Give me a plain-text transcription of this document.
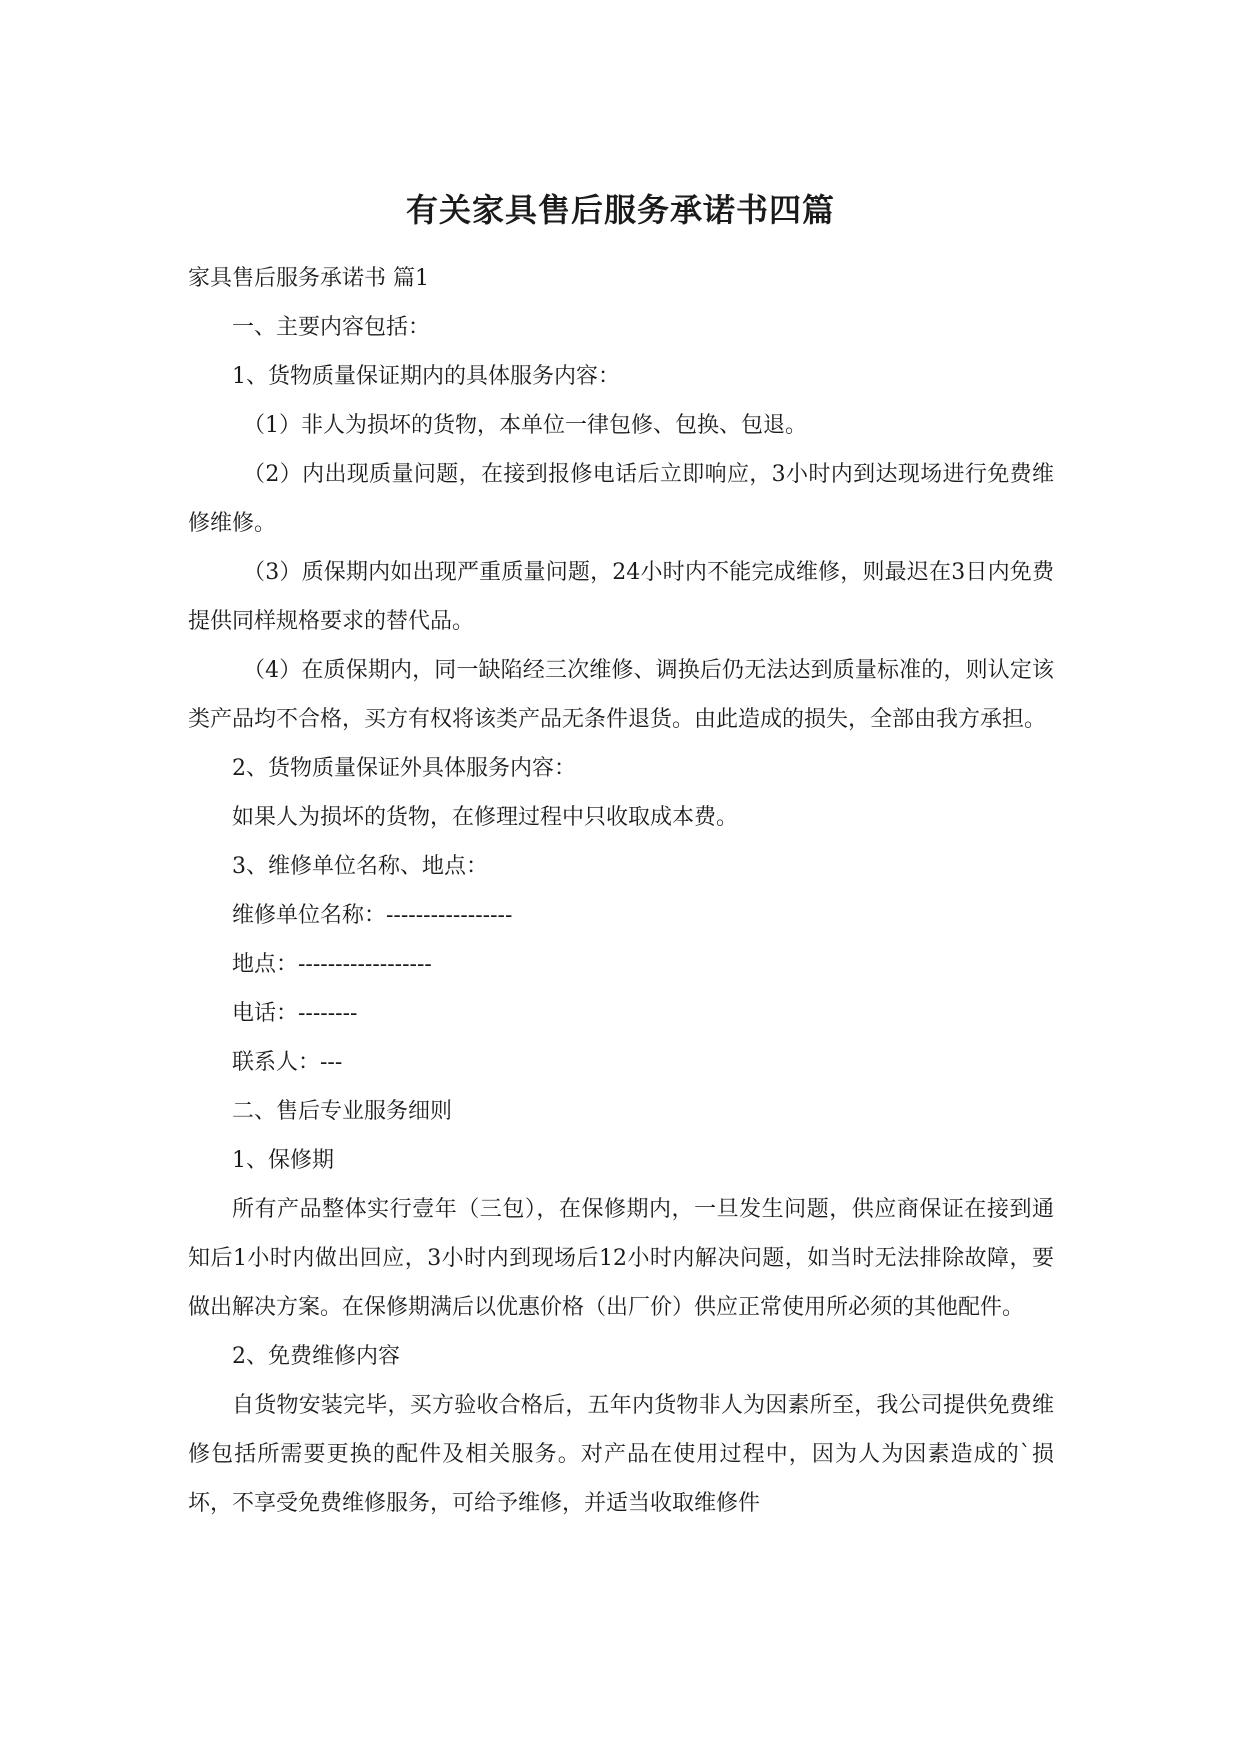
有关家具售后服务承诺书四篇

家具售后服务承诺书 篇1

一、主要内容包括：

1、货物质量保证期内的具体服务内容：

（1）非人为损坏的货物，本单位一律包修、包换、包退。

（2）内出现质量问题，在接到报修电话后立即响应，3小时内到达现场进行免费维修维修。

（3）质保期内如出现严重质量问题，24小时内不能完成维修，则最迟在3日内免费提供同样规格要求的替代品。

（4）在质保期内，同一缺陷经三次维修、调换后仍无法达到质量标准的，则认定该类产品均不合格，买方有权将该类产品无条件退货。由此造成的损失，全部由我方承担。

2、货物质量保证外具体服务内容：

如果人为损坏的货物，在修理过程中只收取成本费。

3、维修单位名称、地点：

维修单位名称：-----------------

地点：------------------

电话：--------

联系人：---

二、售后专业服务细则

1、保修期

所有产品整体实行壹年（三包），在保修期内，一旦发生问题，供应商保证在接到通知后1小时内做出回应，3小时内到现场后12小时内解决问题，如当时无法排除故障，要做出解决方案。在保修期满后以优惠价格（出厂价）供应正常使用所必须的其他配件。

2、免费维修内容

自货物安装完毕，买方验收合格后，五年内货物非人为因素所至，我公司提供免费维修包括所需要更换的配件及相关服务。对产品在使用过程中，因为人为因素造成的`损坏，不享受免费维修服务，可给予维修，并适当收取维修件
